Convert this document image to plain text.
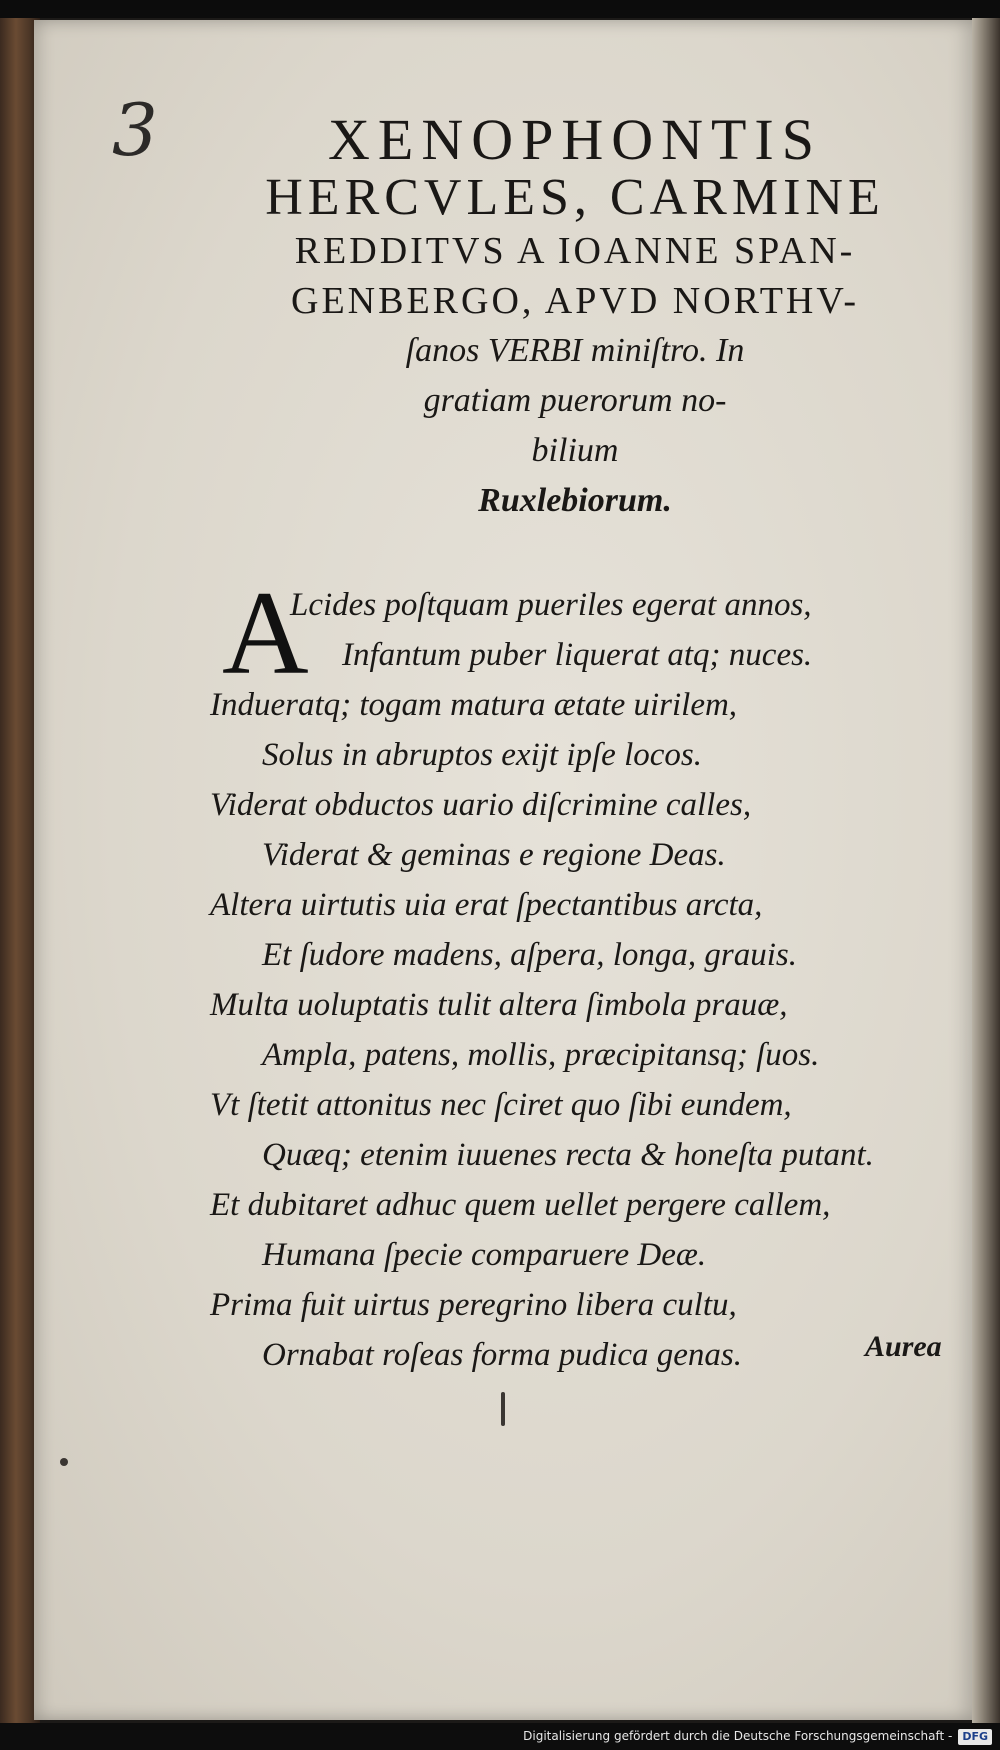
3	XENOPHONTIS
HERCVLES, CARMINE
REDDITVS A IOANNE SPAN-
GENBERGO, APVD NORTHV-
ſanos VERBI miniſtro. In
gratiam puerorum no-
bilium
Ruxlebiorum.
A
Lcides poſtquam pueriles egerat annos,
Infantum puber liquerat atq; nuces.
Indueratq; togam matura ætate uirilem,
Solus in abruptos exijt ipſe locos.
Viderat obductos uario diſcrimine calles,
Viderat & geminas e regione Deas.
Altera uirtutis uia erat ſpectantibus arcta,
Et ſudore madens, aſpera, longa, grauis.
Multa uoluptatis tulit altera ſimbola prauæ,
Ampla, patens, mollis, præcipitansq; ſuos.
Vt ſtetit attonitus nec ſciret quo ſibi eundem,
Quæq; etenim iuuenes recta & honeſta putant.
Et dubitaret adhuc quem uellet pergere callem,
Humana ſpecie comparuere Deæ.
Prima fuit uirtus peregrino libera cultu,
Ornabat roſeas forma pudica genas.	Aurea
Digitalisierung gefördert durch die Deutsche Forschungsgemeinschaft - DFG
